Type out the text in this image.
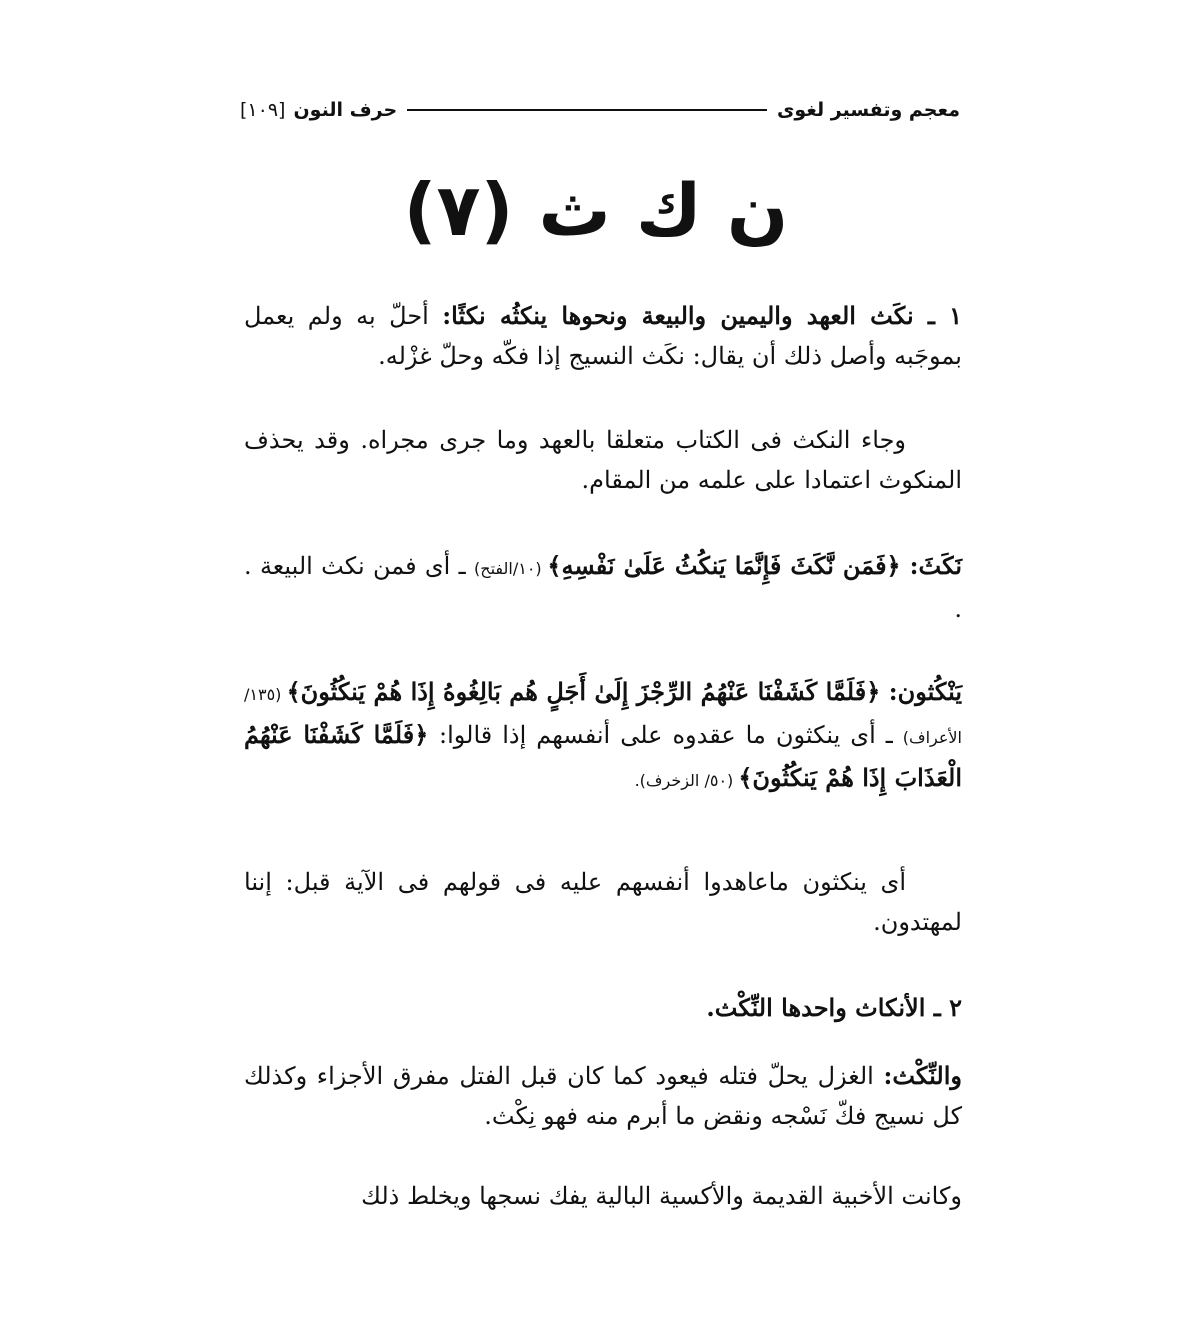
معجم وتفسير لغوى
حرف النون
[١٠٩]
ن ك ث (٧)

١ ـ نكَث العهد واليمين والبيعة ونحوها ينكثُه نكثًا: أحلّ به ولم يعمل بموجَبه وأصل ذلك أن يقال: نكَث النسيج إذا فكّه وحلّ غزْله.

وجاء النكث فى الكتاب متعلقا بالعهد وما جرى مجراه. وقد يحذف المنكوث اعتمادا على علمه من المقام.

نَكَثَ: ﴿فَمَن نَّكَثَ فَإِنَّمَا يَنكُثُ عَلَىٰ نَفْسِهِ﴾ (١٠/الفتح) ـ أى فمن نكث البيعة . .

يَنْكُثون: ﴿فَلَمَّا كَشَفْنَا عَنْهُمُ الرِّجْزَ إِلَىٰ أَجَلٍ هُم بَالِغُوهُ إِذَا هُمْ يَنكُثُونَ﴾ (١٣٥/ الأعراف) ـ أى ينكثون ما عقدوه على أنفسهم إذا قالوا: ﴿فَلَمَّا كَشَفْنَا عَنْهُمُ الْعَذَابَ إِذَا هُمْ يَنكُثُونَ﴾ (٥٠/ الزخرف).

أى ينكثون ماعاهدوا أنفسهم عليه فى قولهم فى الآية قبل: إننا لمهتدون.

٢ ـ الأنكاث واحدها النِّكْث.

والنِّكْث: الغزل يحلّ فتله فيعود كما كان قبل الفتل مفرق الأجزاء وكذلك كل نسيج فكّ نَسْجه ونقض ما أبرم منه فهو نِكْث.

وكانت الأخبية القديمة والأكسية البالية يفك نسجها ويخلط ذلك
